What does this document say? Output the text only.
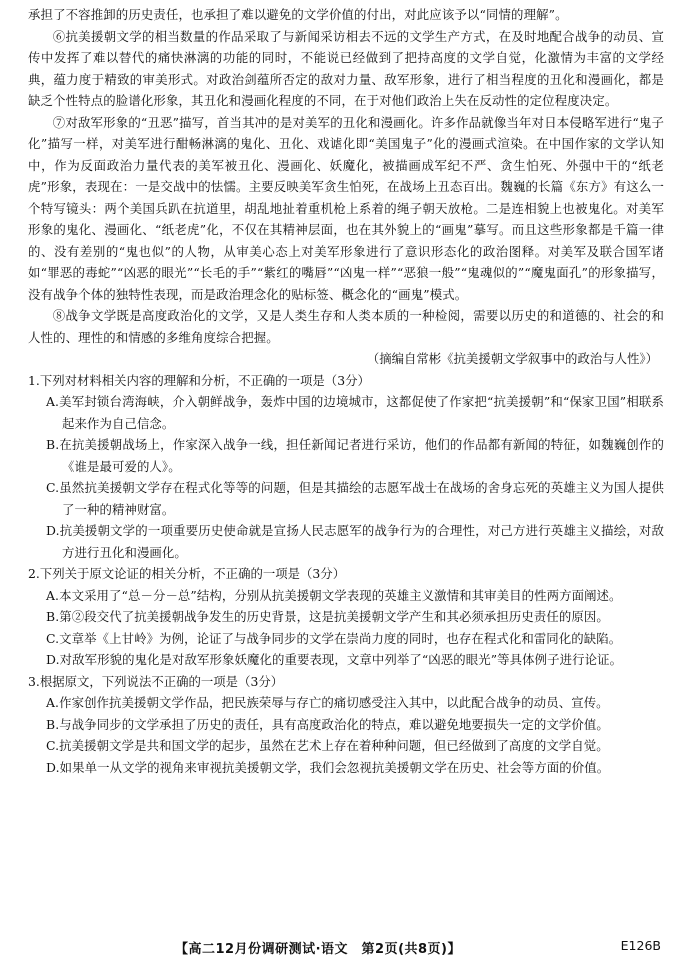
承担了不容推卸的历史责任，也承担了难以避免的文学价值的付出，对此应该予以“同情的理解”。

⑥抗美援朝文学的相当数量的作品采取了与新闻采访相去不远的文学生产方式，在及时地配合战争的动员、宣传中发挥了难以替代的痛快淋漓的功能的同时，不能说已经做到了把持高度的文学自觉，化激情为丰富的文学经典，蕴力度于精致的审美形式。对政治剑蕴所否定的敌对力量、敌军形象，进行了相当程度的丑化和漫画化，都是缺乏个性特点的脸谱化形象，其丑化和漫画化程度的不同，在于对他们政治上失在反动性的定位程度决定。

⑦对敌军形象的“丑恶”描写，首当其冲的是对美军的丑化和漫画化。许多作品就像当年对日本侵略军进行“鬼子化”描写一样，对美军进行酣畅淋漓的鬼化、丑化、戏谑化即“美国鬼子”化的漫画式渲染。在中国作家的文学认知中，作为反面政治力量代表的美军被丑化、漫画化、妖魔化，被描画成军纪不严、贪生怕死、外强中干的“纸老虎”形象，表现在：一是交战中的怯懦。主要反映美军贪生怕死，在战场上丑态百出。魏巍的长篇《东方》有这么一个特写镜头：两个美国兵趴在抗道里，胡乱地扯着重机枪上系着的绳子朝天放枪。二是连相貌上也被鬼化。对美军形象的鬼化、漫画化、“纸老虎”化，不仅在其精神层面，也在其外貌上的“画鬼”摹写。而且这些形象都是千篇一律的、没有差别的“鬼也似”的人物，从审美心态上对美军形象进行了意识形态化的政治图释。对美军及联合国军诸如“罪恶的毒蛇”“凶恶的眼光”“长毛的手”“紫红的嘴唇”“凶鬼一样”“恶狼一般”“鬼魂似的”“魔鬼面孔”的形象描写，没有战争个体的独特性表现，而是政治理念化的贴标签、概念化的“画鬼”模式。

⑧战争文学既是高度政治化的文学，又是人类生存和人类本质的一种检阅，需要以历史的和道德的、社会的和人性的、理性的和情感的多维角度综合把握。

（摘编自常彬《抗美援朝文学叙事中的政治与人性》）

1.下列对材料相关内容的理解和分析，不正确的一项是（3分）

A.美军封锁台湾海峡，介入朝鲜战争，轰炸中国的边境城市，这都促使了作家把“抗美援朝”和“保家卫国”相联系起来作为自己信念。

B.在抗美援朝战场上，作家深入战争一线，担任新闻记者进行采访，他们的作品都有新闻的特征，如魏巍创作的《谁是最可爱的人》。

C.虽然抗美援朝文学存在程式化等等的问题，但是其描绘的志愿军战士在战场的舍身忘死的英雄主义为国人提供了一种的精神财富。

D.抗美援朝文学的一项重要历史使命就是宣扬人民志愿军的战争行为的合理性，对己方进行英雄主义描绘，对敌方进行丑化和漫画化。

2.下列关于原文论证的相关分析，不正确的一项是（3分）

A.本文采用了“总－分－总”结构，分别从抗美援朝文学表现的英雄主义激情和其审美目的性两方面阐述。

B.第②段交代了抗美援朝战争发生的历史背景，这是抗美援朝文学产生和其必须承担历史责任的原因。

C.文章举《上甘岭》为例，论证了与战争同步的文学在崇尚力度的同时，也存在程式化和雷同化的缺陷。

D.对敌军形貌的鬼化是对敌军形象妖魔化的重要表现，文章中列举了“凶恶的眼光”等具体例子进行论证。

3.根据原文，下列说法不正确的一项是（3分）

A.作家创作抗美援朝文学作品，把民族荣辱与存亡的痛切感受注入其中，以此配合战争的动员、宣传。

B.与战争同步的文学承担了历史的责任，具有高度政治化的特点，难以避免地要损失一定的文学价值。

C.抗美援朝文学是共和国文学的起步，虽然在艺术上存在着种种问题，但已经做到了高度的文学自觉。

D.如果单一从文学的视角来审视抗美援朝文学，我们会忽视抗美援朝文学在历史、社会等方面的价值。

【高二12月份调研测试·语文　第2页(共8页)】	E126B
